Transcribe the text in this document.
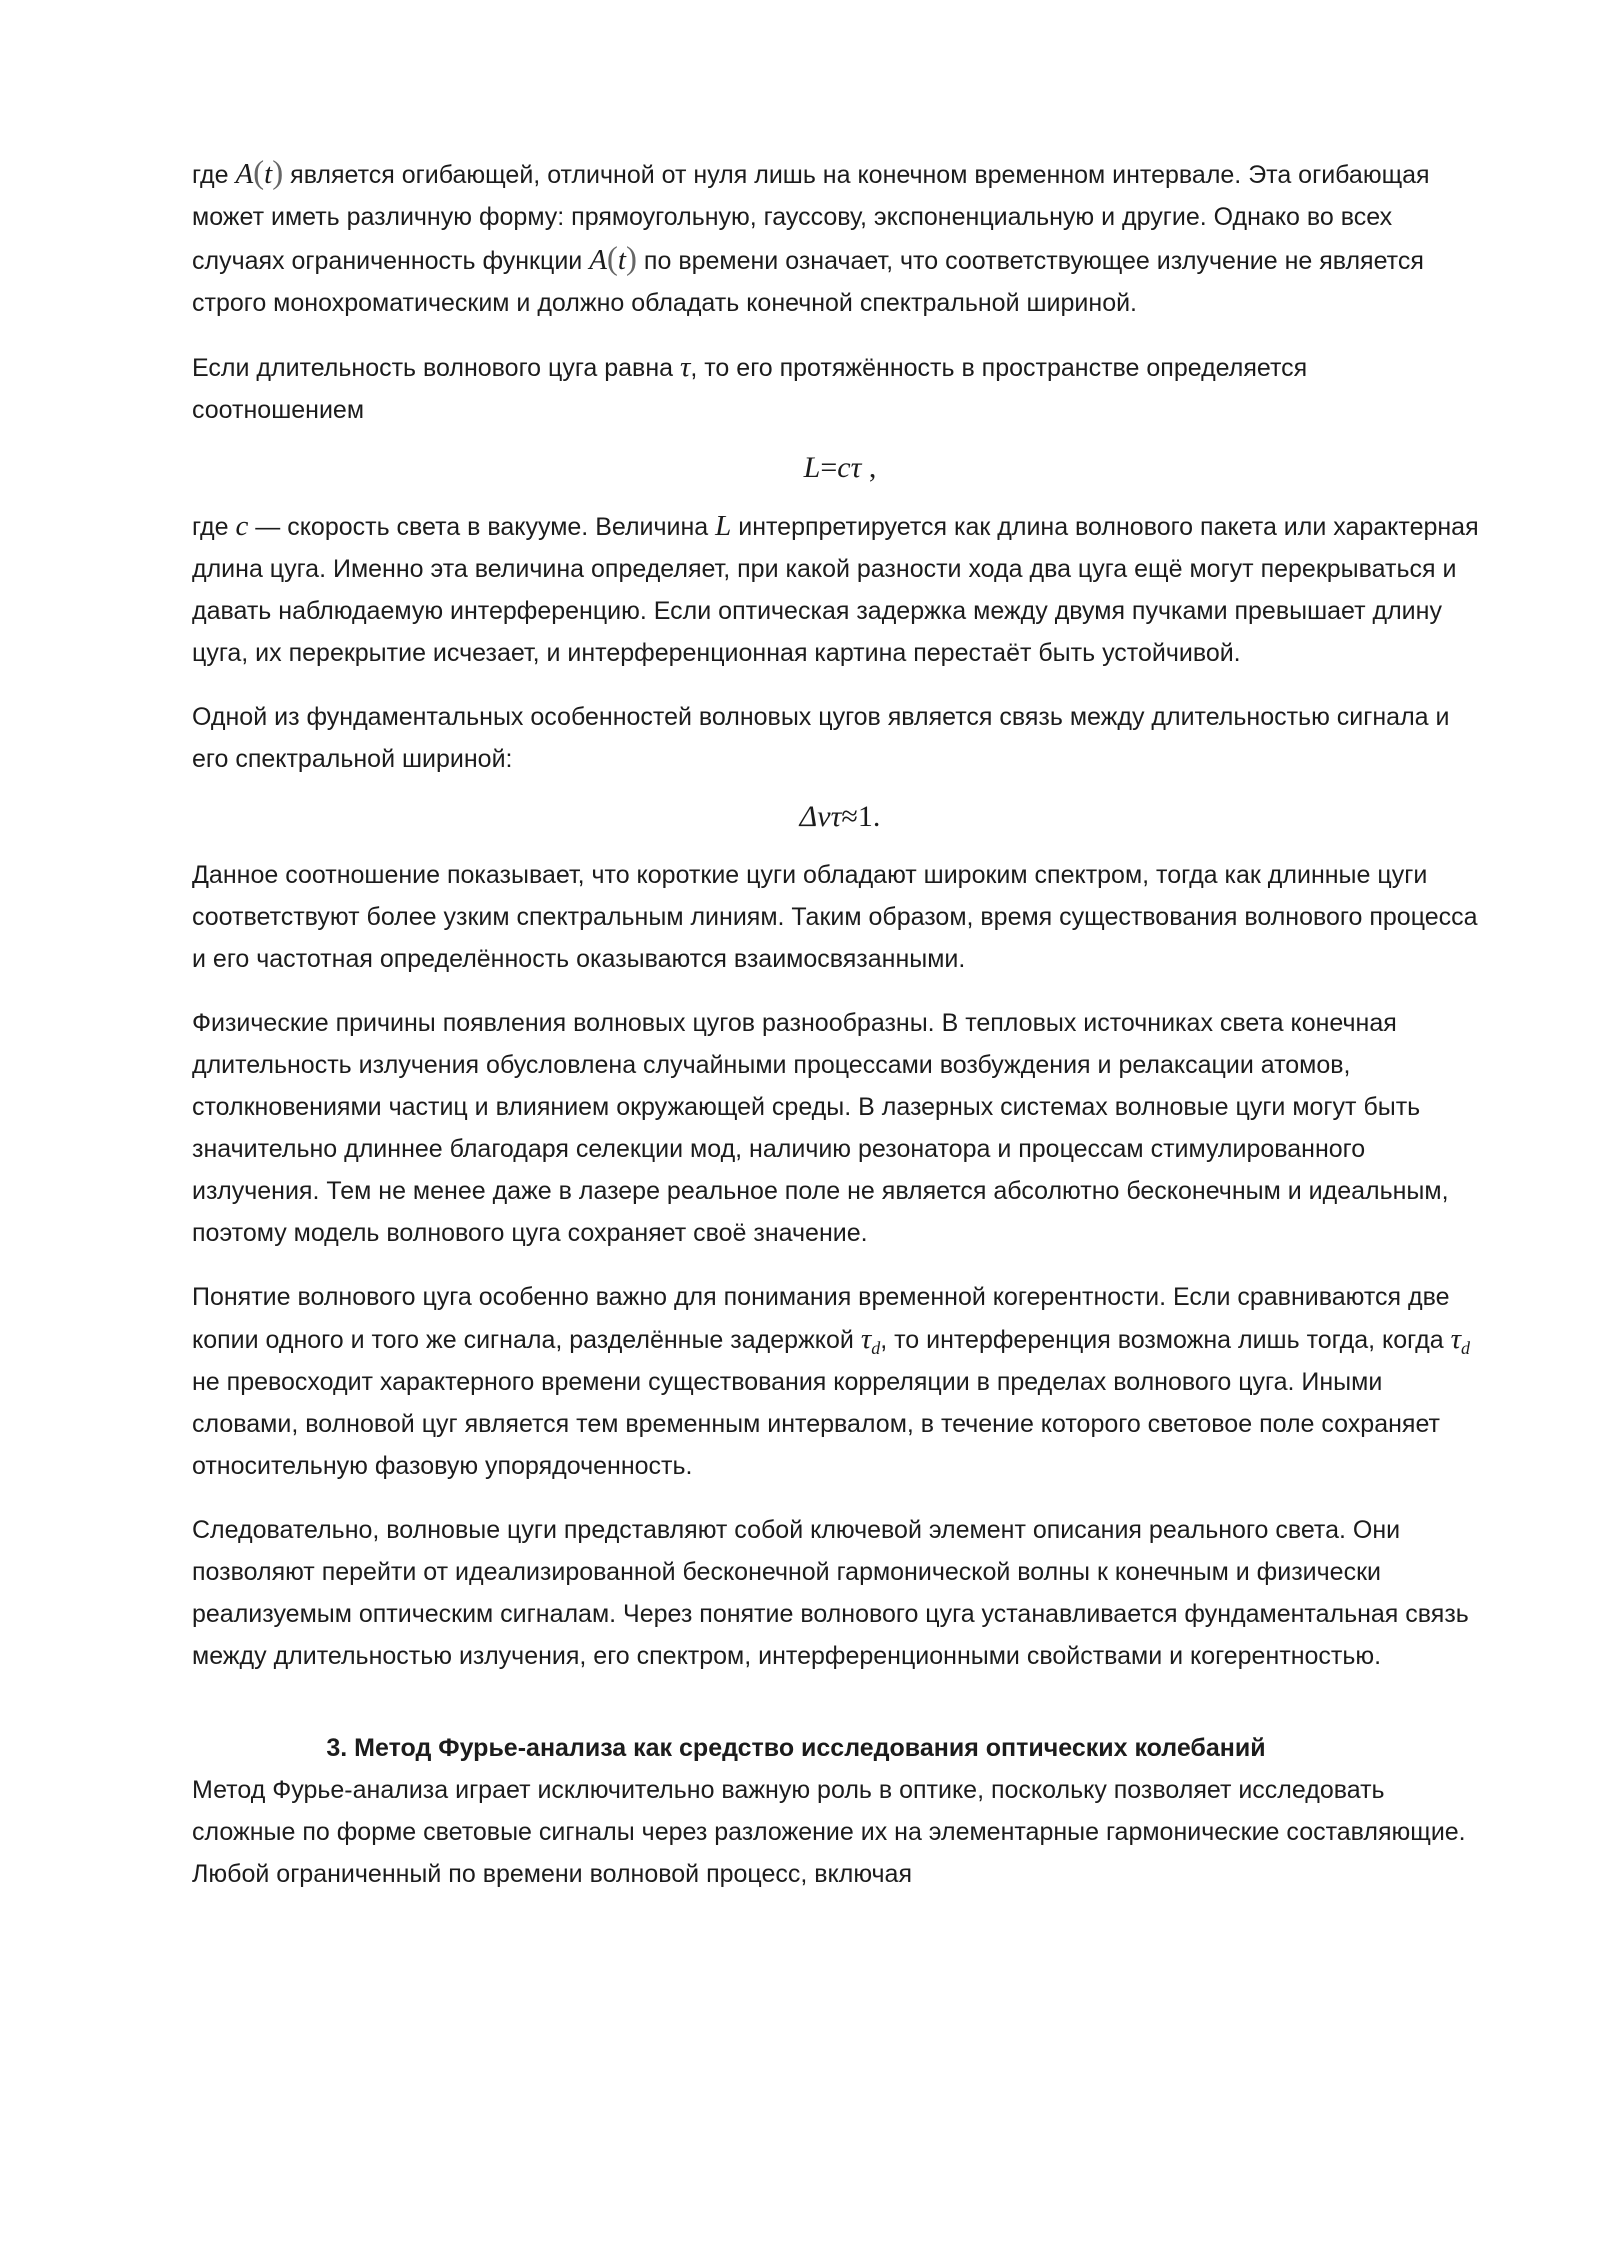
где A(t) является огибающей, отличной от нуля лишь на конечном временном интервале. Эта огибающая может иметь различную форму: прямоугольную, гауссову, экспоненциальную и другие. Однако во всех случаях ограниченность функции A(t) по времени означает, что соответствующее излучение не является строго монохроматическим и должно обладать конечной спектральной шириной.

Если длительность волнового цуга равна τ, то его протяжённость в пространстве определяется соотношением

L=cτ ,

где c — скорость света в вакууме. Величина L интерпретируется как длина волнового пакета или характерная длина цуга. Именно эта величина определяет, при какой разности хода два цуга ещё могут перекрываться и давать наблюдаемую интерференцию. Если оптическая задержка между двумя пучками превышает длину цуга, их перекрытие исчезает, и интерференционная картина перестаёт быть устойчивой.

Одной из фундаментальных особенностей волновых цугов является связь между длительностью сигнала и его спектральной шириной:

Δντ≈1.

Данное соотношение показывает, что короткие цуги обладают широким спектром, тогда как длинные цуги соответствуют более узким спектральным линиям. Таким образом, время существования волнового процесса и его частотная определённость оказываются взаимосвязанными.

Физические причины появления волновых цугов разнообразны. В тепловых источниках света конечная длительность излучения обусловлена случайными процессами возбуждения и релаксации атомов, столкновениями частиц и влиянием окружающей среды. В лазерных системах волновые цуги могут быть значительно длиннее благодаря селекции мод, наличию резонатора и процессам стимулированного излучения. Тем не менее даже в лазере реальное поле не является абсолютно бесконечным и идеальным, поэтому модель волнового цуга сохраняет своё значение.

Понятие волнового цуга особенно важно для понимания временной когерентности. Если сравниваются две копии одного и того же сигнала, разделённые задержкой $\tau_d$, то интерференция возможна лишь тогда, когда $\tau_d$ не превосходит характерного времени существования корреляции в пределах волнового цуга. Иными словами, волновой цуг является тем временным интервалом, в течение которого световое поле сохраняет относительную фазовую упорядоченность.

Следовательно, волновые цуги представляют собой ключевой элемент описания реального света. Они позволяют перейти от идеализированной бесконечной гармонической волны к конечным и физически реализуемым оптическим сигналам. Через понятие волнового цуга устанавливается фундаментальная связь между длительностью излучения, его спектром, интерференционными свойствами и когерентностью.

3. Метод Фурье-анализа как средство исследования оптических колебаний

Метод Фурье-анализа играет исключительно важную роль в оптике, поскольку позволяет исследовать сложные по форме световые сигналы через разложение их на элементарные гармонические составляющие. Любой ограниченный по времени волновой процесс, включая
